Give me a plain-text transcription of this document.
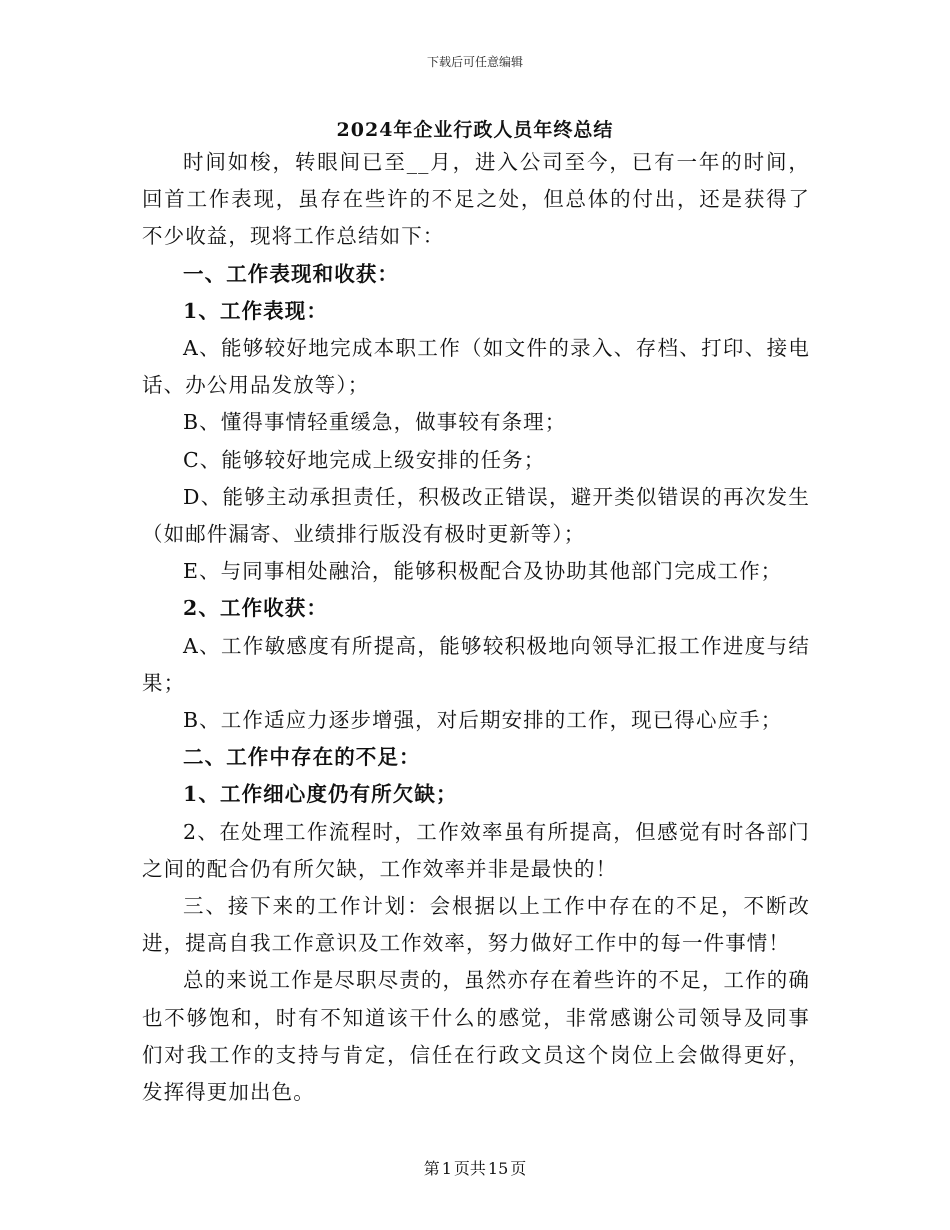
下载后可任意编辑
2024年企业行政人员年终总结

时间如梭，转眼间已至__月，进入公司至今，已有一年的时间，回首工作表现，虽存在些许的不足之处，但总体的付出，还是获得了不少收益，现将工作总结如下：

一、工作表现和收获：

1、工作表现：

A、能够较好地完成本职工作（如文件的录入、存档、打印、接电话、办公用品发放等）；

B、懂得事情轻重缓急，做事较有条理；

C、能够较好地完成上级安排的任务；

D、能够主动承担责任，积极改正错误，避开类似错误的再次发生（如邮件漏寄、业绩排行版没有极时更新等）；

E、与同事相处融洽，能够积极配合及协助其他部门完成工作；

2、工作收获：

A、工作敏感度有所提高，能够较积极地向领导汇报工作进度与结果；

B、工作适应力逐步增强，对后期安排的工作，现已得心应手；

二、工作中存在的不足：

1、工作细心度仍有所欠缺；

2、在处理工作流程时，工作效率虽有所提高，但感觉有时各部门之间的配合仍有所欠缺，工作效率并非是最快的！

三、接下来的工作计划：会根据以上工作中存在的不足，不断改进，提高自我工作意识及工作效率，努力做好工作中的每一件事情！

总的来说工作是尽职尽责的，虽然亦存在着些许的不足，工作的确也不够饱和，时有不知道该干什么的感觉，非常感谢公司领导及同事们对我工作的支持与肯定，信任在行政文员这个岗位上会做得更好，发挥得更加出色。

第 1 页共 15 页
